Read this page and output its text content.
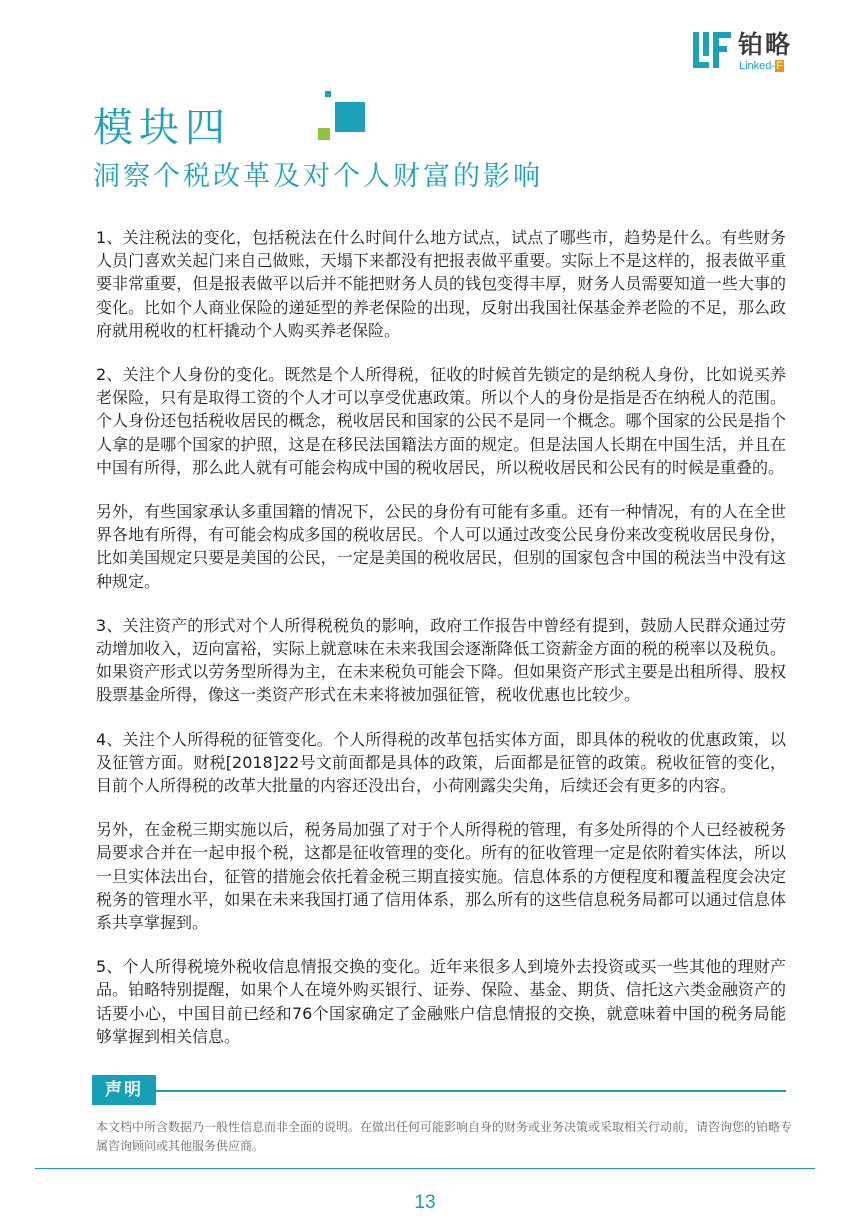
铂略
Linked-F
模块四
洞察个税改革及对个人财富的影响

1、关注税法的变化，包括税法在什么时间什么地方试点，试点了哪些市，趋势是什么。有些财务人员门喜欢关起门来自己做账，天塌下来都没有把报表做平重要。实际上不是这样的，报表做平重要非常重要，但是报表做平以后并不能把财务人员的钱包变得丰厚，财务人员需要知道一些大事的变化。比如个人商业保险的递延型的养老保险的出现，反射出我国社保基金养老险的不足，那么政府就用税收的杠杆撬动个人购买养老保险。

2、关注个人身份的变化。既然是个人所得税，征收的时候首先锁定的是纳税人身份，比如说买养老保险，只有是取得工资的个人才可以享受优惠政策。所以个人的身份是指是否在纳税人的范围。个人身份还包括税收居民的概念，税收居民和国家的公民不是同一个概念。哪个国家的公民是指个人拿的是哪个国家的护照，这是在移民法国籍法方面的规定。但是法国人长期在中国生活，并且在中国有所得，那么此人就有可能会构成中国的税收居民，所以税收居民和公民有的时候是重叠的。

另外，有些国家承认多重国籍的情况下，公民的身份有可能有多重。还有一种情况，有的人在全世界各地有所得，有可能会构成多国的税收居民。个人可以通过改变公民身份来改变税收居民身份，比如美国规定只要是美国的公民，一定是美国的税收居民，但别的国家包含中国的税法当中没有这种规定。

3、关注资产的形式对个人所得税税负的影响，政府工作报告中曾经有提到，鼓励人民群众通过劳动增加收入，迈向富裕，实际上就意味在未来我国会逐渐降低工资薪金方面的税的税率以及税负。如果资产形式以劳务型所得为主，在未来税负可能会下降。但如果资产形式主要是出租所得、股权股票基金所得，像这一类资产形式在未来将被加强征管，税收优惠也比较少。

4、关注个人所得税的征管变化。个人所得税的改革包括实体方面，即具体的税收的优惠政策，以及征管方面。财税[2018]22号文前面都是具体的政策，后面都是征管的政策。税收征管的变化，目前个人所得税的改革大批量的内容还没出台，小荷刚露尖尖角，后续还会有更多的内容。

另外，在金税三期实施以后，税务局加强了对于个人所得税的管理，有多处所得的个人已经被税务局要求合并在一起申报个税，这都是征收管理的变化。所有的征收管理一定是依附着实体法，所以一旦实体法出台，征管的措施会依托着金税三期直接实施。信息体系的方便程度和覆盖程度会决定税务的管理水平，如果在未来我国打通了信用体系，那么所有的这些信息税务局都可以通过信息体系共享掌握到。

5、个人所得税境外税收信息情报交换的变化。近年来很多人到境外去投资或买一些其他的理财产品。铂略特别提醒，如果个人在境外购买银行、证券、保险、基金、期货、信托这六类金融资产的话要小心，中国目前已经和76个国家确定了金融账户信息情报的交换，就意味着中国的税务局能够掌握到相关信息。

声明
本文档中所含数据乃一般性信息而非全面的说明。在做出任何可能影响自身的财务或业务决策或采取相关行动前，请咨询您的铂略专属咨询顾问或其他服务供应商。
13
